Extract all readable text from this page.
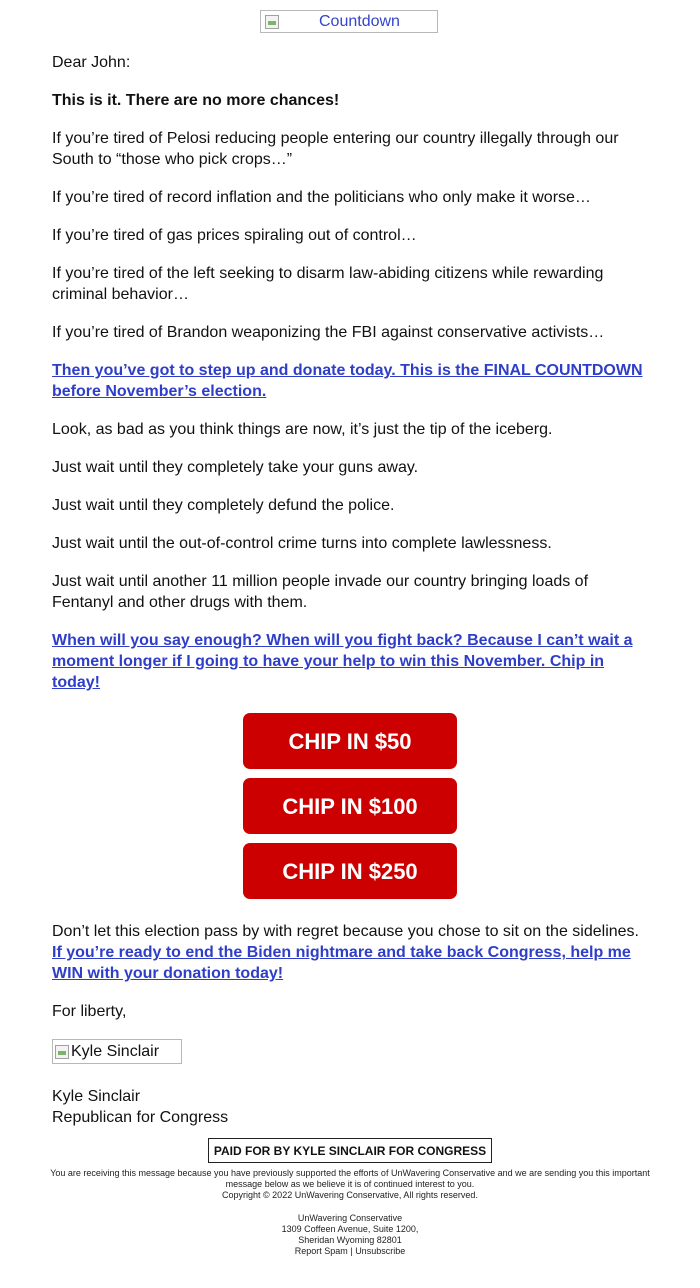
Countdown

Dear John:

This is it. There are no more chances!

If you’re tired of Pelosi reducing people entering our country illegally through our South to “those who pick crops…”

If you’re tired of record inflation and the politicians who only make it worse…

If you’re tired of gas prices spiraling out of control…

If you’re tired of the left seeking to disarm law-abiding citizens while rewarding criminal behavior…

If you’re tired of Brandon weaponizing the FBI against conservative activists…

Then you’ve got to step up and donate today. This is the FINAL COUNTDOWN before November’s election.

Look, as bad as you think things are now, it’s just the tip of the iceberg.

Just wait until they completely take your guns away.

Just wait until they completely defund the police.

Just wait until the out-of-control crime turns into complete lawlessness.

Just wait until another 11 million people invade our country bringing loads of Fentanyl and other drugs with them.

When will you say enough? When will you fight back? Because I can’t wait a moment longer if I going to have your help to win this November. Chip in today!

CHIP IN $50
CHIP IN $100
CHIP IN $250

Don’t let this election pass by with regret because you chose to sit on the sidelines. If you’re ready to end the Biden nightmare and take back Congress, help me WIN with your donation today!

For liberty,

Kyle Sinclair
Kyle Sinclair
Republican for Congress
PAID FOR BY KYLE SINCLAIR FOR CONGRESS
You are receiving this message because you have previously supported the efforts of UnWavering Conservative and we are sending you this important message below as we believe it is of continued interest to you.
Copyright © 2022 UnWavering Conservative, All rights reserved.
UnWavering Conservative
1309 Coffeen Avenue, Suite 1200,
Sheridan Wyoming 82801
Report Spam | Unsubscribe
